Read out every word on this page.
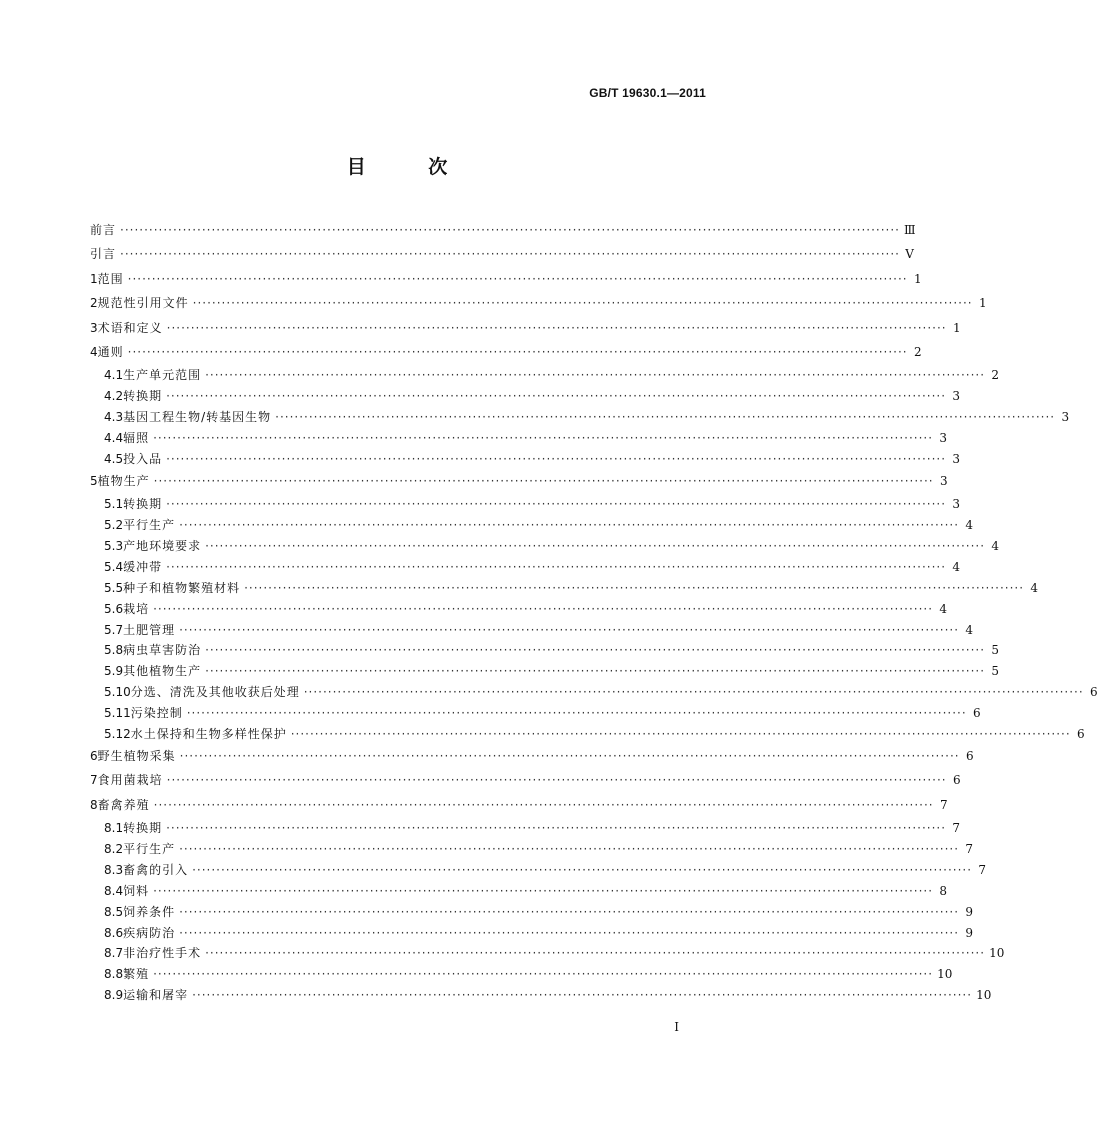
GB/T 19630.1—2011
目 次
前言 ·····	Ⅲ
引言 ·····	Ⅴ
1 范围 ·····	1
2 规范性引用文件 ·····	1
3 术语和定义 ·····	1
4 通则 ·····	2
4.1 生产单元范围 ·····	2
4.2 转换期 ·····	3
4.3 基因工程生物/转基因生物 ·····	3
4.4 辐照 ·····	3
4.5 投入品 ·····	3
5 植物生产 ·····	3
5.1 转换期 ·····	3
5.2 平行生产 ·····	4
5.3 产地环境要求 ·····	4
5.4 缓冲带 ·····	4
5.5 种子和植物繁殖材料 ·····	4
5.6 栽培 ·····	4
5.7 土肥管理 ·····	4
5.8 病虫草害防治 ·····	5
5.9 其他植物生产 ·····	5
5.10 分选、清洗及其他收获后处理 ·····	6
5.11 污染控制 ·····	6
5.12 水土保持和生物多样性保护 ·····	6
6 野生植物采集 ·····	6
7 食用菌栽培 ·····	6
8 畜禽养殖 ·····	7
8.1 转换期 ·····	7
8.2 平行生产 ·····	7
8.3 畜禽的引入 ·····	7
8.4 饲料 ·····	8
8.5 饲养条件 ·····	9
8.6 疾病防治 ·····	9
8.7 非治疗性手术 ·····	10
8.8 繁殖 ·····	10
8.9 运输和屠宰 ·····	10
Ⅰ
